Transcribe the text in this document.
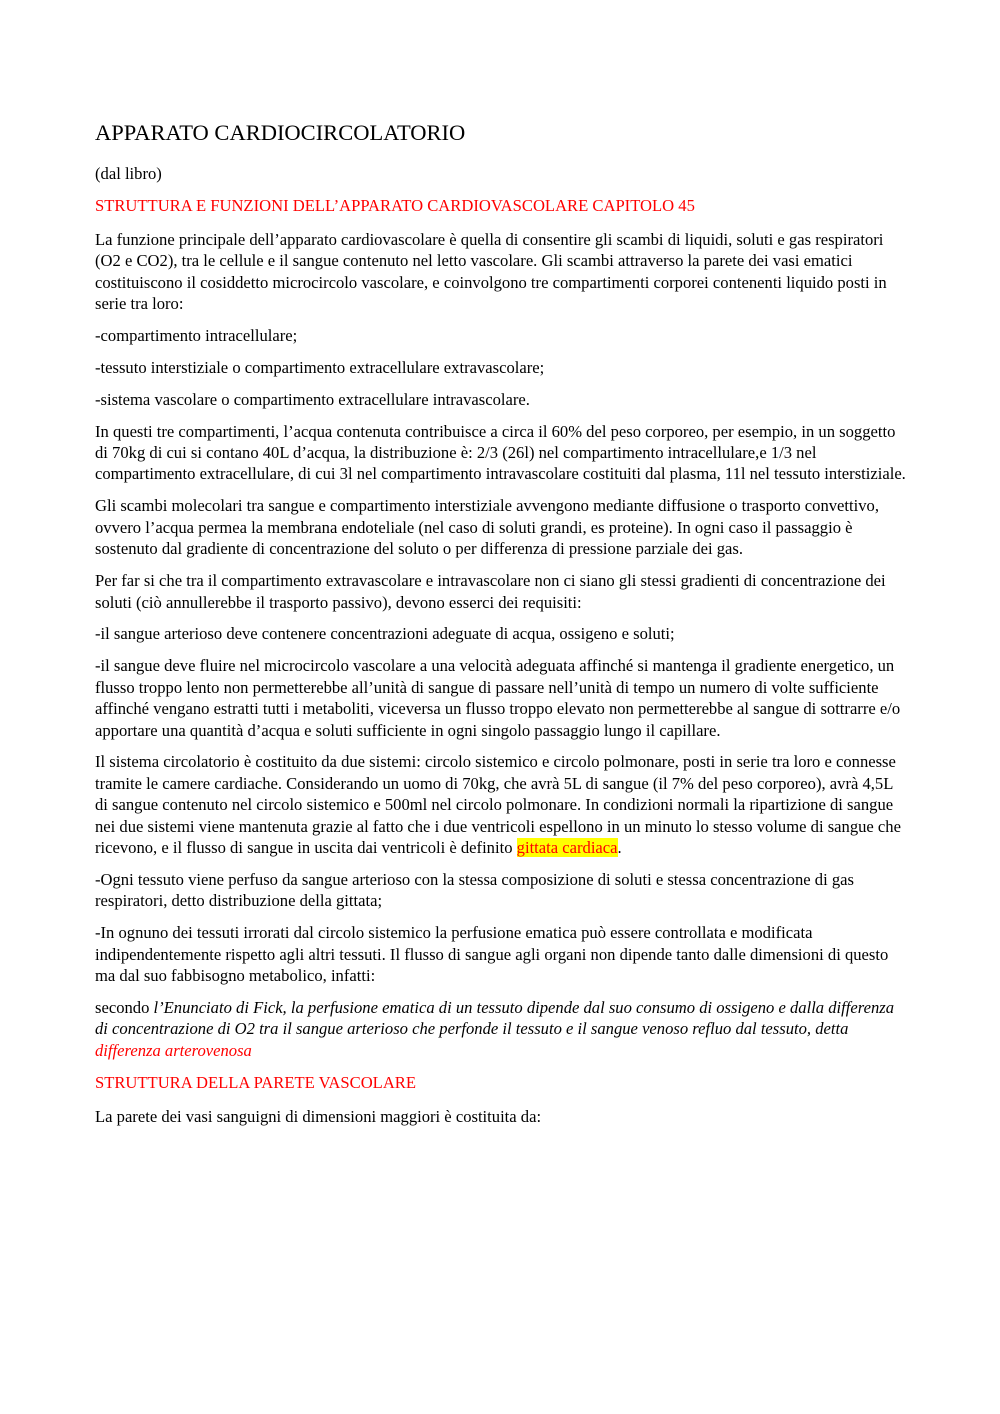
APPARATO CARDIOCIRCOLATORIO

(dal libro)

STRUTTURA E FUNZIONI DELL’APPARATO CARDIOVASCOLARE CAPITOLO 45

La funzione principale dell’apparato cardiovascolare è quella di consentire gli scambi di liquidi, soluti e gas respiratori (O2 e CO2), tra le cellule e il sangue contenuto nel letto vascolare. Gli scambi attraverso la parete dei vasi ematici costituiscono il cosiddetto microcircolo vascolare, e coinvolgono tre compartimenti corporei contenenti liquido posti in serie tra loro:

-compartimento intracellulare;

-tessuto interstiziale o compartimento extracellulare extravascolare;

-sistema vascolare o compartimento extracellulare intravascolare.

In questi tre compartimenti, l’acqua contenuta contribuisce a circa il 60% del peso corporeo, per esempio, in un soggetto di 70kg di cui si contano 40L d’acqua, la distribuzione è: 2/3 (26l) nel compartimento intracellulare,e 1/3 nel compartimento extracellulare, di cui 3l nel compartimento intravascolare costituiti dal plasma, 11l nel tessuto interstiziale.

Gli scambi molecolari tra sangue e compartimento interstiziale avvengono mediante diffusione o trasporto convettivo, ovvero l’acqua permea la membrana endoteliale (nel caso di soluti grandi, es proteine). In ogni caso il passaggio è sostenuto dal gradiente di concentrazione del soluto o per differenza di pressione parziale dei gas.

Per far si che tra il compartimento extravascolare e intravascolare non ci siano gli stessi gradienti di concentrazione dei soluti (ciò annullerebbe il trasporto passivo), devono esserci dei requisiti:

-il sangue arterioso deve contenere concentrazioni adeguate di acqua, ossigeno e soluti;

-il sangue deve fluire nel microcircolo vascolare a una velocità adeguata affinché si mantenga il gradiente energetico, un flusso troppo lento non permetterebbe all’unità di sangue di passare nell’unità di tempo un numero di volte sufficiente affinché vengano estratti tutti i metaboliti, viceversa un flusso troppo elevato non permetterebbe al sangue di sottrarre e/o apportare una quantità d’acqua e soluti sufficiente in ogni singolo passaggio lungo il capillare.

Il sistema circolatorio è costituito da due sistemi: circolo sistemico e circolo polmonare, posti in serie tra loro e connesse tramite le camere cardiache. Considerando un uomo di 70kg, che avrà 5L di sangue (il 7% del peso corporeo), avrà 4,5L di sangue contenuto nel circolo sistemico e 500ml nel circolo polmonare. In condizioni normali la ripartizione di sangue nei due sistemi viene mantenuta grazie al fatto che i due ventricoli espellono in un minuto lo stesso volume di sangue che ricevono, e il flusso di sangue in uscita dai ventricoli è definito gittata cardiaca.

-Ogni tessuto viene perfuso da sangue arterioso con la stessa composizione di soluti e stessa concentrazione di gas respiratori, detto distribuzione della gittata;

-In ognuno dei tessuti irrorati dal circolo sistemico la perfusione ematica può essere controllata e modificata indipendentemente rispetto agli altri tessuti. Il flusso di sangue agli organi non dipende tanto dalle dimensioni di questo ma dal suo fabbisogno metabolico, infatti:

secondo l’Enunciato di Fick, la perfusione ematica di un tessuto dipende dal suo consumo di ossigeno e dalla differenza di concentrazione di O2 tra il sangue arterioso che perfonde il tessuto e il sangue venoso refluo dal tessuto, detta differenza arterovenosa

STRUTTURA DELLA PARETE VASCOLARE

La parete dei vasi sanguigni di dimensioni maggiori è costituita da:
